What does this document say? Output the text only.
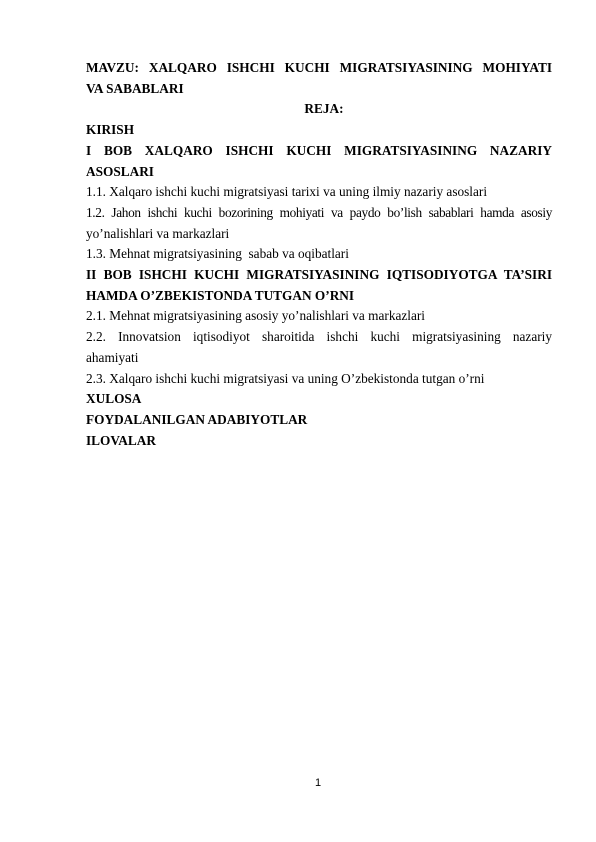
MAVZU: XALQARO ISHCHI KUCHI MIGRATSIYASINING MOHIYATI
VA SABABLARI
REJA:
KIRISH
I BOB XALQARO ISHCHI KUCHI MIGRATSIYASINING NAZARIY
ASOSLARI
1.1. Xalqaro ishchi kuchi migratsiyasi tarixi va uning ilmiy nazariy asoslari
1.2. Jahon ishchi kuchi bozorining mohiyati va paydo bo’lish sabablari hamda asosiy
yo’nalishlari va markazlari
1.3. Mehnat migratsiyasining  sabab va oqibatlari
II BOB ISHCHI KUCHI MIGRATSIYASINING IQTISODIYOTGA TA’SIRI
HAMDA O’ZBEKISTONDA TUTGAN O’RNI
2.1. Mehnat migratsiyasining asosiy yo’nalishlari va markazlari
2.2. Innovatsion iqtisodiyot sharoitida ishchi kuchi migratsiyasining nazariy
ahamiyati
2.3. Xalqaro ishchi kuchi migratsiyasi va uning O’zbekistonda tutgan o’rni
XULOSA
FOYDALANILGAN ADABIYOTLAR
ILOVALAR
1
